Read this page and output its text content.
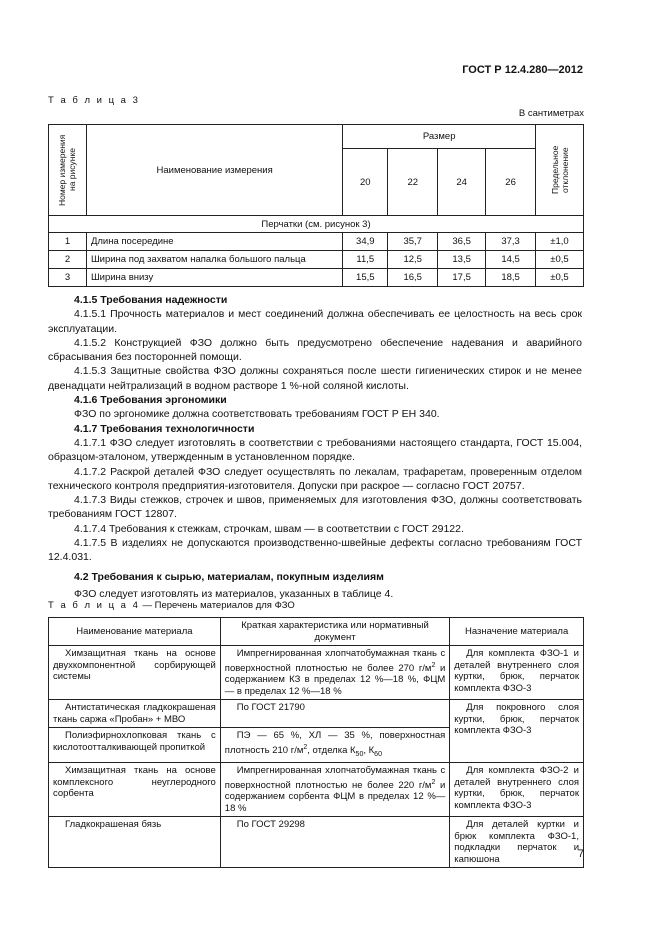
ГОСТ Р 12.4.280—2012
Т а б л и ц а 3
В сантиметрах
Номер измерения на рисунке	Наименование измерения	Размер				Предельное отклонение

		20	22	24	26	
Перчатки (см. рисунок 3)						
1	Длина посередине	34,9	35,7	36,5	37,3	±1,0
2	Ширина под захватом напалка большого пальца	11,5	12,5	13,5	14,5	±0,5
3	Ширина внизу	15,5	16,5	17,5	18,5	±0,5

4.1.5 Требования надежности

4.1.5.1 Прочность материалов и мест соединений должна обеспечивать ее целостность на весь срок эксплуатации.

4.1.5.2 Конструкцией ФЗО должно быть предусмотрено обеспечение надевания и аварийного сбрасывания без посторонней помощи.

4.1.5.3 Защитные свойства ФЗО должны сохраняться после шести гигиенических стирок и не менее двенадцати нейтрализаций в водном растворе 1 %-ной соляной кислоты.

4.1.6 Требования эргономики

ФЗО по эргономике должна соответствовать требованиям ГОСТ Р ЕН 340.

4.1.7 Требования технологичности

4.1.7.1 ФЗО следует изготовлять в соответствии с требованиями настоящего стандарта, ГОСТ 15.004, образцом-эталоном, утвержденным в установленном порядке.

4.1.7.2 Раскрой деталей ФЗО следует осуществлять по лекалам, трафаретам, проверенным отделом технического контроля предприятия-изготовителя. Допуски при раскрое — согласно ГОСТ 20757.

4.1.7.3 Виды стежков, строчек и швов, применяемых для изготовления ФЗО, должны соответствовать требованиям ГОСТ 12807.

4.1.7.4 Требования к стежкам, строчкам, швам — в соответствии с ГОСТ 29122.

4.1.7.5 В изделиях не допускаются производственно-швейные дефекты согласно требованиям ГОСТ 12.4.031.

4.2 Требования к сырью, материалам, покупным изделиям

ФЗО следует изготовлять из материалов, указанных в таблице 4.

Т а б л и ц а 4 — Перечень материалов для ФЗО
Наименование материала	Краткая характеристика или нормативный документ	Назначение материала

Химзащитная ткань на основе двухкомпонентной сорбирующей системы	Импрегнированная хлопчатобумажная ткань с поверхностной плотностью не более 270 $г/м^2$ и содержанием КЗ в пределах 12 %—18 %, ФЦМ — в пределах 12 %—18 %	Для комплекта ФЗО-1 и деталей внутреннего слоя куртки, брюк, перчаток комплекта ФЗО-3

Антистатическая гладкокрашеная ткань саржа «Пробан» + МВО	По ГОСТ 21790	Для покровного слоя куртки, брюк, перчаток комплекта ФЗО-3

Полиэфирнохлопковая ткань с кислотоотталкивающей пропиткой	ПЭ — 65 %, ХЛ — 35 %, поверхностная плотность 210 $г/м^2$, отделка $К_{50}$, $К_{60}$

Химзащитная ткань на основе комплексного неуглеродного сорбента	Импрегнированная хлопчатобумажная ткань с поверхностной плотностью не более 220 $г/м^2$ и содержанием сорбента ФЦМ в пределах 12 %—18 %	Для комплекта ФЗО-2 и деталей внутреннего слоя куртки, брюк, перчаток комплекта ФЗО-3

Гладкокрашеная бязь	По ГОСТ 29298	Для деталей куртки и брюк комплекта ФЗО-1, подкладки перчаток и капюшона	7
